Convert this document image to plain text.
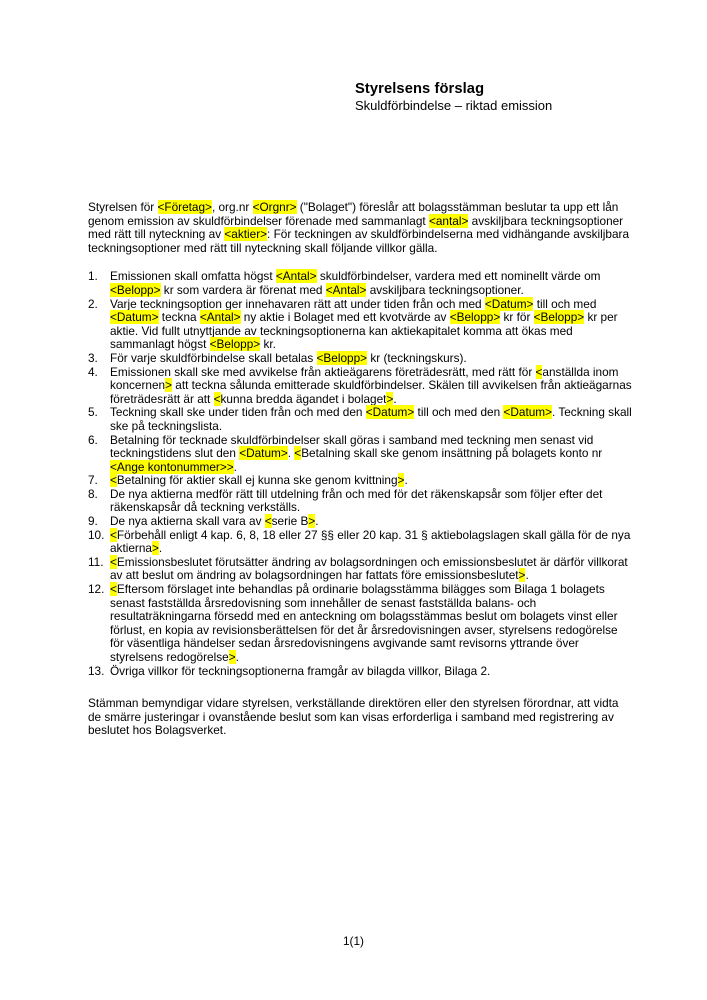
Styrelsens förslag
Skuldförbindelse – riktad emission

Styrelsen för <Företag>, org.nr <Orgnr> ("Bolaget") föreslår att bolagsstämman beslutar ta upp ett lån genom emission av skuldförbindelser förenade med sammanlagt <antal> avskiljbara teckningsoptioner med rätt till nyteckning av <aktier>: För teckningen av skuldförbindelserna med vidhängande avskiljbara teckningsoptioner med rätt till nyteckning skall följande villkor gälla.

1.	Emissionen skall omfatta högst <Antal> skuldförbindelser, vardera med ett nominellt värde om <Belopp> kr som vardera är förenat med <Antal> avskiljbara teckningsoptioner.
2.	Varje teckningsoption ger innehavaren rätt att under tiden från och med <Datum> till och med <Datum> teckna <Antal> ny aktie i Bolaget med ett kvotvärde av <Belopp> kr för <Belopp> kr per aktie. Vid fullt utnyttjande av teckningsoptionerna kan aktiekapitalet komma att ökas med sammanlagt högst <Belopp> kr.
3.	För varje skuldförbindelse skall betalas <Belopp> kr (teckningskurs).
4.	Emissionen skall ske med avvikelse från aktieägarens företrädesrätt, med rätt för <anställda inom koncernen> att teckna sålunda emitterade skuldförbindelser. Skälen till avvikelsen från aktieägarnas företrädesrätt är att <kunna bredda ägandet i bolaget>.
5.	Teckning skall ske under tiden från och med den <Datum> till och med den <Datum>. Teckning skall ske på teckningslista.
6.	Betalning för tecknade skuldförbindelser skall göras i samband med teckning men senast vid teckningstidens slut den <Datum>. <Betalning skall ske genom insättning på bolagets konto nr <Ange kontonummer>>.
7.	<Betalning för aktier skall ej kunna ske genom kvittning>.
8.	De nya aktierna medför rätt till utdelning från och med för det räkenskapsår som följer efter det räkenskapsår då teckning verkställs.
9.	De nya aktierna skall vara av <serie B>.
10. <Förbehåll enligt 4 kap. 6, 8, 18 eller 27 §§ eller 20 kap. 31 § aktiebolagslagen skall gälla för de nya aktierna>.
11. <Emissionsbeslutet förutsätter ändring av bolagsordningen och emissionsbeslutet är därför villkorat av att beslut om ändring av bolagsordningen har fattats före emissionsbeslutet>.
12. <Eftersom förslaget inte behandlas på ordinarie bolagsstämma bilägges som Bilaga 1 bolagets senast fastställda årsredovisning som innehåller de senast fastställda balans- och resultaträkningarna försedd med en anteckning om bolagsstämmas beslut om bolagets vinst eller förlust, en kopia av revisionsberättelsen för det år årsredovisningen avser, styrelsens redogörelse för väsentliga händelser sedan årsredovisningens avgivande samt revisorns yttrande över styrelsens redogörelse>.
13. Övriga villkor för teckningsoptionerna framgår av bilagda villkor, Bilaga 2.

Stämman bemyndigar vidare styrelsen, verkställande direktören eller den styrelsen förordnar, att vidta de smärre justeringar i ovanstående beslut som kan visas erforderliga i samband med registrering av beslutet hos Bolagsverket.

1(1)
